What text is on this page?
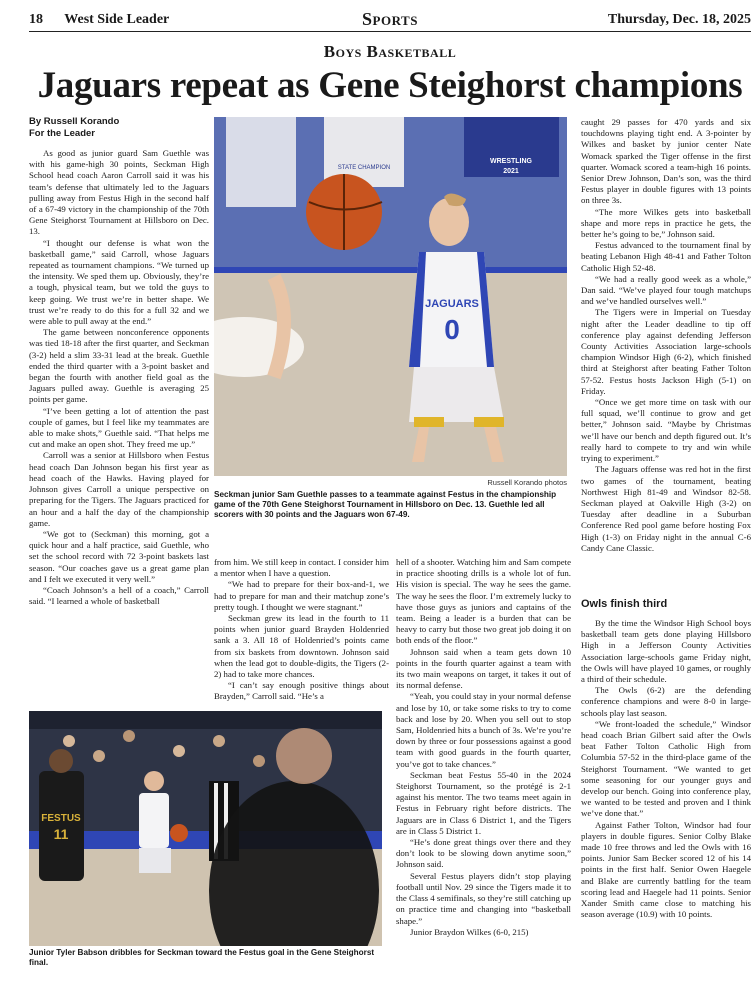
18 West Side Leader	Sports	Thursday, Dec. 18, 2025
Boys Basketball
Jaguars repeat as Gene Steighorst champions
By Russell Korando
For the Leader

As good as junior guard Sam Guethle was with his game-high 30 points, Seckman High School head coach Aaron Carroll said it was his team’s defense that ultimately led to the Jaguars pulling away from Festus High in the second half of a 67-49 victory in the championship of the 70th Gene Steighorst Tournament at Hillsboro on Dec. 13.

“I thought our defense is what won the basketball game,” said Carroll, whose Jaguars repeated as tournament champions. “We turned up the intensity. We sped them up. Obviously, they’re a tough, physical team, but we told the guys to keep going. We trust we’re in better shape. We trust we’re ready to do this for a full 32 and we were able to pull away at the end.”

The game between nonconference opponents was tied 18-18 after the first quarter, and Seckman (3-2) held a slim 33-31 lead at the break. Guethle ended the third quarter with a 3-point basket and began the fourth with another field goal as the Jaguars pulled away. Guethle is averaging 25 points per game.

“I’ve been getting a lot of attention the past couple of games, but I feel like my teammates are able to make shots,” Guethle said. “That helps me cut and make an open shot. They freed me up.”

Carroll was a senior at Hillsboro when Festus head coach Dan Johnson began his first year as head coach of the Hawks. Having played for Johnson gives Carroll a unique perspective on preparing for the Tigers. The Jaguars practiced for an hour and a half the day of the championship game.

“We got to (Seckman) this morning, got a quick hour and a half practice, said Guethle, who set the school record with 72 3-point baskets last season. “Our coaches gave us a great game plan and I felt we executed it very well.”

“Coach Johnson’s a hell of a coach,” Carroll said. “I learned a whole of basketball

STATE CHAMPION
WRESTLING
2021
JAGUARS
0
Russell Korando photos
Seckman junior Sam Guethle passes to a teammate against Festus in the championship game of the 70th Gene Steighorst Tournament in Hillsboro on Dec. 13. Guethle led all scorers with 30 points and the Jaguars won 67-49.

from him. We still keep in contact. I consider him a mentor when I have a question.

“We had to prepare for their box-and-1, we had to prepare for man and their matchup zone’s pretty tough. I thought we were stagnant.”

Seckman grew its lead in the fourth to 11 points when junior guard Brayden Holdenried sank a 3. All 18 of Holdenried’s points came from six baskets from downtown. Johnson said when the lead got to double-digits, the Tigers (2-2) had to take more chances.

“I can’t say enough positive things about Brayden,” Carroll said. “He’s a

hell of a shooter. Watching him and Sam compete in practice shooting drills is a whole lot of fun. His vision is special. The way he sees the game. The way he sees the floor. I’m extremely lucky to have those guys as juniors and captains of the team. Being a leader is a burden that can be heavy to carry but those two great job doing it on both ends of the floor.”

Johnson said when a team gets down 10 points in the fourth quarter against a team with its two main weapons on target, it takes it out of its normal defense.

“Yeah, you could stay in your normal defense and lose by 10, or take some risks to try to come back and lose by 20. When you sell out to stop Sam, Holdenried hits a bunch of 3s. We’re you’re down by three or four possessions against a good team with good guards in the fourth quarter, you’ve got to take chances.”

Seckman beat Festus 55-40 in the 2024 Steighorst Tournament, so the protégé is 2-1 against his mentor. The two teams meet again in Festus in February right before districts. The Jaguars are in Class 6 District 1, and the Tigers are in Class 5 District 1.

“He’s done great things over there and they don’t look to be slowing down anytime soon,” Johnson said.

Several Festus players didn’t stop playing football until Nov. 29 since the Tigers made it to the Class 4 semifinals, so they’re still catching up on practice time and changing into “basketball shape.”

Junior Braydon Wilkes (6-0, 215)

caught 29 passes for 470 yards and six touchdowns playing tight end. A 3-pointer by Wilkes and basket by junior center Nate Womack sparked the Tiger offense in the first quarter. Womack scored a team-high 16 points. Senior Drew Johnson, Dan’s son, was the third Festus player in double figures with 13 points on three 3s.

“The more Wilkes gets into basketball shape and more reps in practice he gets, the better he’s going to be,” Johnson said.

Festus advanced to the tournament final by beating Lebanon High 48-41 and Father Tolton Catholic High 52-48.

“We had a really good week as a whole,” Dan said. “We’ve played four tough matchups and we’ve handled ourselves well.”

The Tigers were in Imperial on Tuesday night after the Leader deadline to tip off conference play against defending Jefferson County Activities Association large-schools champion Windsor High (6-2), which finished third at Steighorst after beating Father Tolton 57-52. Festus hosts Jackson High (5-1) on Friday.

“Once we get more time on task with our full squad, we’ll continue to grow and get better,” Johnson said. “Maybe by Christmas we’ll have our bench and depth figured out. It’s really hard to compete to try and win while trying to experiment.”

The Jaguars offense was red hot in the first two games of the tournament, beating Northwest High 81-49 and Windsor 82-58. Seckman played at Oakville High (3-2) on Tuesday after deadline in a Suburban Conference Red pool game before hosting Fox High (1-3) on Friday night in the annual C-6 Candy Cane Classic.

Owls finish third

By the time the Windsor High School boys basketball team gets done playing Hillsboro High in a Jefferson County Activities Association large-schools game Friday night, the Owls will have played 10 games, or roughly a third of their schedule.

The Owls (6-2) are the defending conference champions and were 8-0 in large-schools play last season.

“We front-loaded the schedule,” Windsor head coach Brian Gilbert said after the Owls beat Father Tolton Catholic High from Columbia 57-52 in the third-place game of the Steighorst Tournament. “We wanted to get some seasoning for our younger guys and develop our bench. Going into conference play, we wanted to be tested and proven and I think we’ve done that.”

Against Father Tolton, Windsor had four players in double figures. Senior Colby Blake made 10 free throws and led the Owls with 16 points. Junior Sam Becker scored 12 of his 14 points in the first half. Senior Owen Haegele and Blake are currently battling for the team scoring lead and Haegele had 11 points. Senior Xander Smith came close to matching his season average (10.9) with 10 points.

FESTUS
11
Junior Tyler Babson dribbles for Seckman toward the Festus goal in the Gene Steighorst final.
